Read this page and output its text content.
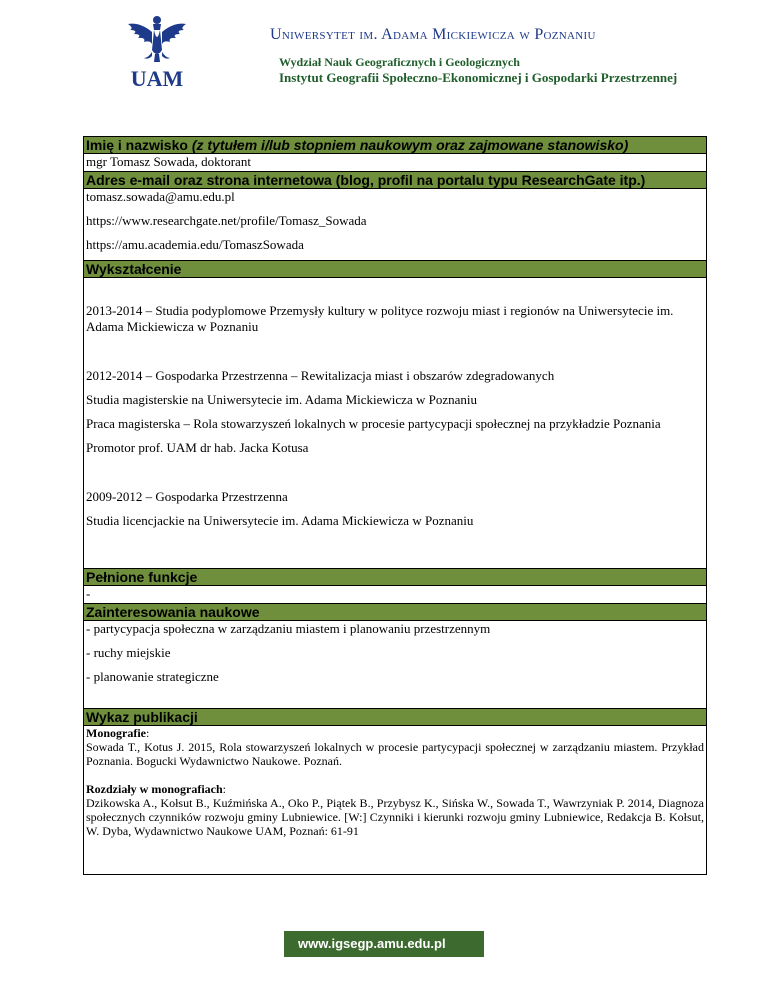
UAM
Uniwersytet im. Adama Mickiewicza w Poznaniu
Wydział Nauk Geograficznych i Geologicznych
Instytut Geografii Społeczno-Ekonomicznej i Gospodarki Przestrzennej
Imię i nazwisko (z tytułem i/lub stopniem naukowym oraz zajmowane stanowisko)

mgr Tomasz Sowada, doktorant

Adres e-mail oraz strona internetowa (blog, profil na portalu typu ResearchGate itp.)

tomasz.sowada@amu.edu.pl

https://www.researchgate.net/profile/Tomasz_Sowada

https://amu.academia.edu/TomaszSowada

Wykształcenie

2013-2014 – Studia podyplomowe Przemysły kultury w polityce rozwoju miast i regionów na Uniwersytecie im. Adama Mickiewicza w Poznaniu

2012-2014 – Gospodarka Przestrzenna – Rewitalizacja miast i obszarów zdegradowanych

Studia magisterskie na Uniwersytecie im. Adama Mickiewicza w Poznaniu

Praca magisterska – Rola stowarzyszeń lokalnych w procesie partycypacji społecznej na przykładzie Poznania

Promotor prof. UAM dr hab. Jacka Kotusa

2009-2012 – Gospodarka Przestrzenna

Studia licencjackie na Uniwersytecie im. Adama Mickiewicza w Poznaniu

Pełnione funkcje

-

Zainteresowania naukowe

- partycypacja społeczna w zarządzaniu miastem i planowaniu przestrzennym

- ruchy miejskie

- planowanie strategiczne

Wykaz publikacji

Monografie:

Sowada T., Kotus J. 2015, Rola stowarzyszeń lokalnych w procesie partycypacji społecznej w zarządzaniu miastem. Przykład Poznania. Bogucki Wydawnictwo Naukowe. Poznań.

Rozdziały w monografiach:

Dzikowska A., Kołsut B., Kuźmińska A., Oko P., Piątek B., Przybysz K., Sińska W., Sowada T., Wawrzyniak P. 2014, Diagnoza społecznych czynników rozwoju gminy Lubniewice. [W:] Czynniki i kierunki rozwoju gminy Lubniewice, Redakcja B. Kołsut, W. Dyba, Wydawnictwo Naukowe UAM, Poznań: 61-91

www.igsegp.amu.edu.pl
